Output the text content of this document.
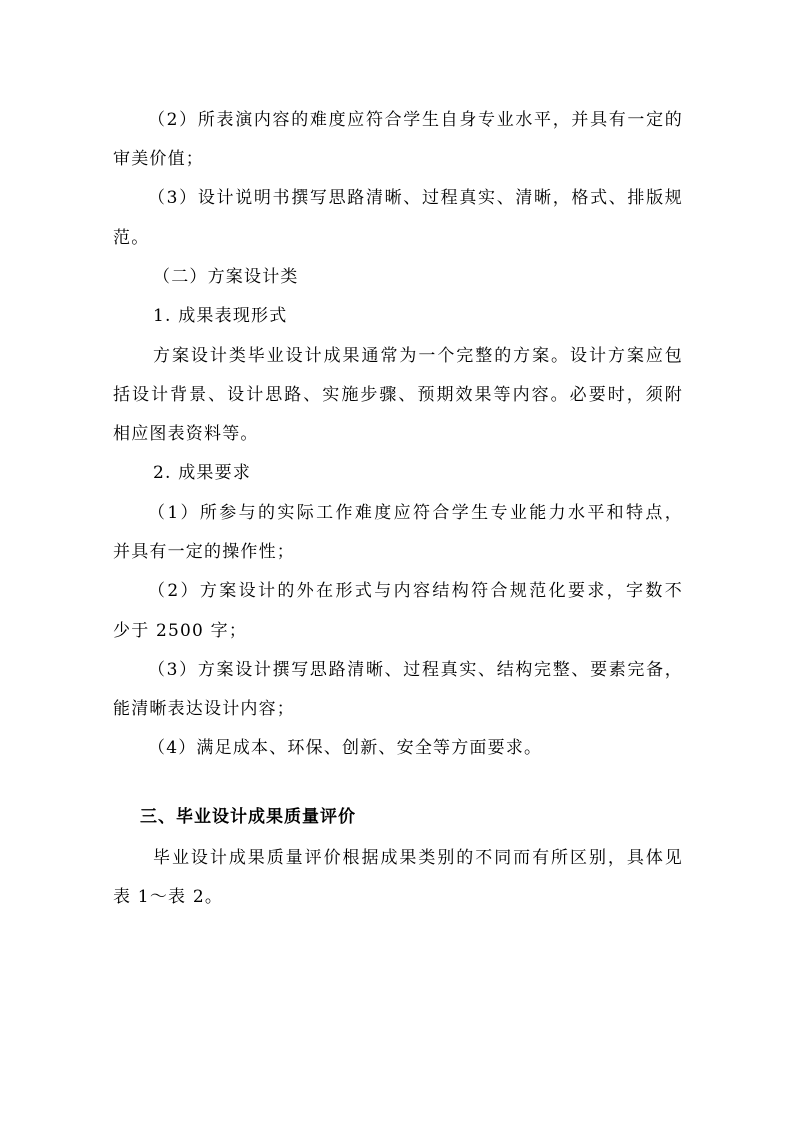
（2）所表演内容的难度应符合学生自身专业水平，并具有一定的
审美价值；
（3）设计说明书撰写思路清晰、过程真实、清晰，格式、排版规
范。
（二）方案设计类
1. 成果表现形式
方案设计类毕业设计成果通常为一个完整的方案。设计方案应包
括设计背景、设计思路、实施步骤、预期效果等内容。必要时，须附
相应图表资料等。
2. 成果要求
（1）所参与的实际工作难度应符合学生专业能力水平和特点，
并具有一定的操作性；
（2）方案设计的外在形式与内容结构符合规范化要求，字数不
少于 2500 字；
（3）方案设计撰写思路清晰、过程真实、结构完整、要素完备，
能清晰表达设计内容；
（4）满足成本、环保、创新、安全等方面要求。
三、毕业设计成果质量评价
毕业设计成果质量评价根据成果类别的不同而有所区别，具体见
表 1～表 2。
